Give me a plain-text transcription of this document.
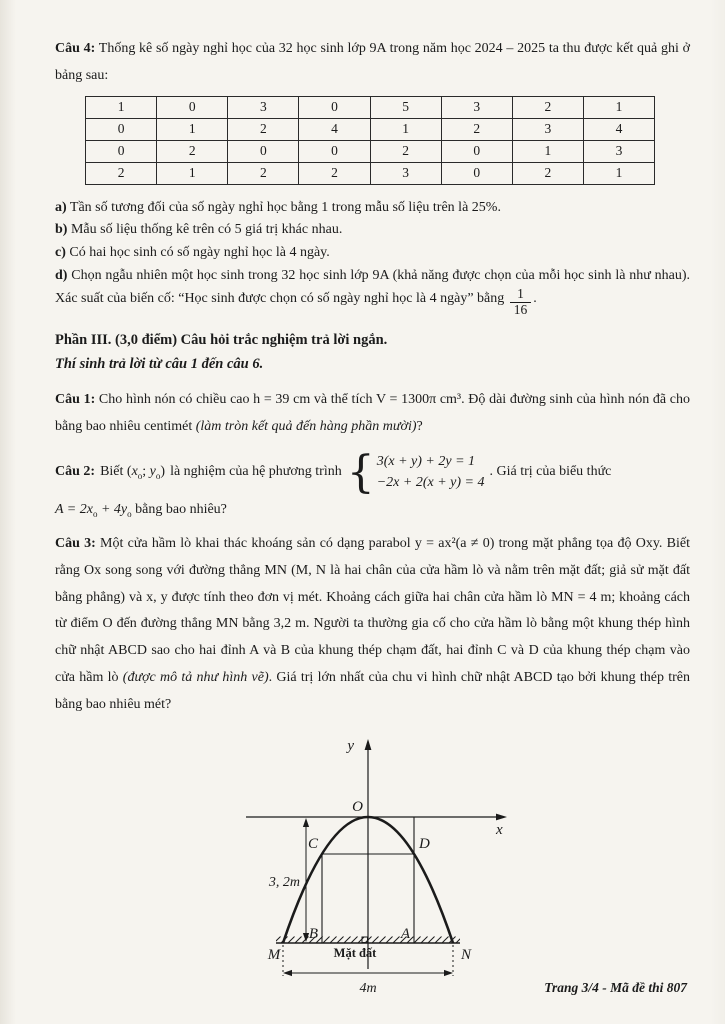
Câu 4: Thống kê số ngày nghỉ học của 32 học sinh lớp 9A trong năm học 2024 – 2025 ta thu được kết quả ghi ở bảng sau:

1	0	3	0	5	3	2	1
0	1	2	4	1	2	3	4
0	2	0	0	2	0	1	3
2	1	2	2	3	0	2	1

a) Tần số tương đối của số ngày nghỉ học bằng 1 trong mẫu số liệu trên là 25%.

b) Mẫu số liệu thống kê trên có 5 giá trị khác nhau.

c) Có hai học sinh có số ngày nghỉ học là 4 ngày.

d) Chọn ngẫu nhiên một học sinh trong 32 học sinh lớp 9A (khả năng được chọn của mỗi học sinh là như nhau). Xác suất của biến cố: “Học sinh được chọn có số ngày nghỉ học là 4 ngày” bằng $\frac{1}{16}$ .

Phần III. (3,0 điểm) Câu hỏi trắc nghiệm trả lời ngắn.

Thí sinh trả lời từ câu 1 đến câu 6.

Câu 1: Cho hình nón có chiều cao h = 39 cm và thể tích V = 1300π cm³. Độ dài đường sinh của hình nón đã cho bằng bao nhiêu centimét (làm tròn kết quả đến hàng phần mười)?

Câu 2: Biết ($x_o$; $y_o$) là nghiệm của hệ phương trình { 3(x + y) + 2y = 1
−2x + 2(x + y) = 4
. Giá trị của biểu thức

$A = 2x_o + 4y_o$ bằng bao nhiêu?

Câu 3: Một cửa hầm lò khai thác khoáng sản có dạng parabol y = ax²(a ≠ 0) trong mặt phẳng tọa độ Oxy. Biết rằng Ox song song với đường thẳng MN (M, N là hai chân của cửa hầm lò và nằm trên mặt đất; giả sử mặt đất bằng phẳng) và x, y được tính theo đơn vị mét. Khoảng cách giữa hai chân cửa hầm lò MN = 4 m; khoảng cách từ điểm O đến đường thẳng MN bằng 3,2 m. Người ta thường gia cố cho cửa hầm lò bằng một khung thép hình chữ nhật ABCD sao cho hai đỉnh A và B của khung thép chạm đất, hai đỉnh C và D của khung thép chạm vào cửa hầm lò (được mô tả như hình vẽ). Giá trị lớn nhất của chu vi hình chữ nhật ABCD tạo bởi khung thép trên bằng bao nhiêu mét?

y
x
O
C	D
B	A
M	N
3, 2m
4m
Mặt đất
Trang 3/4 - Mã đề thi 807
